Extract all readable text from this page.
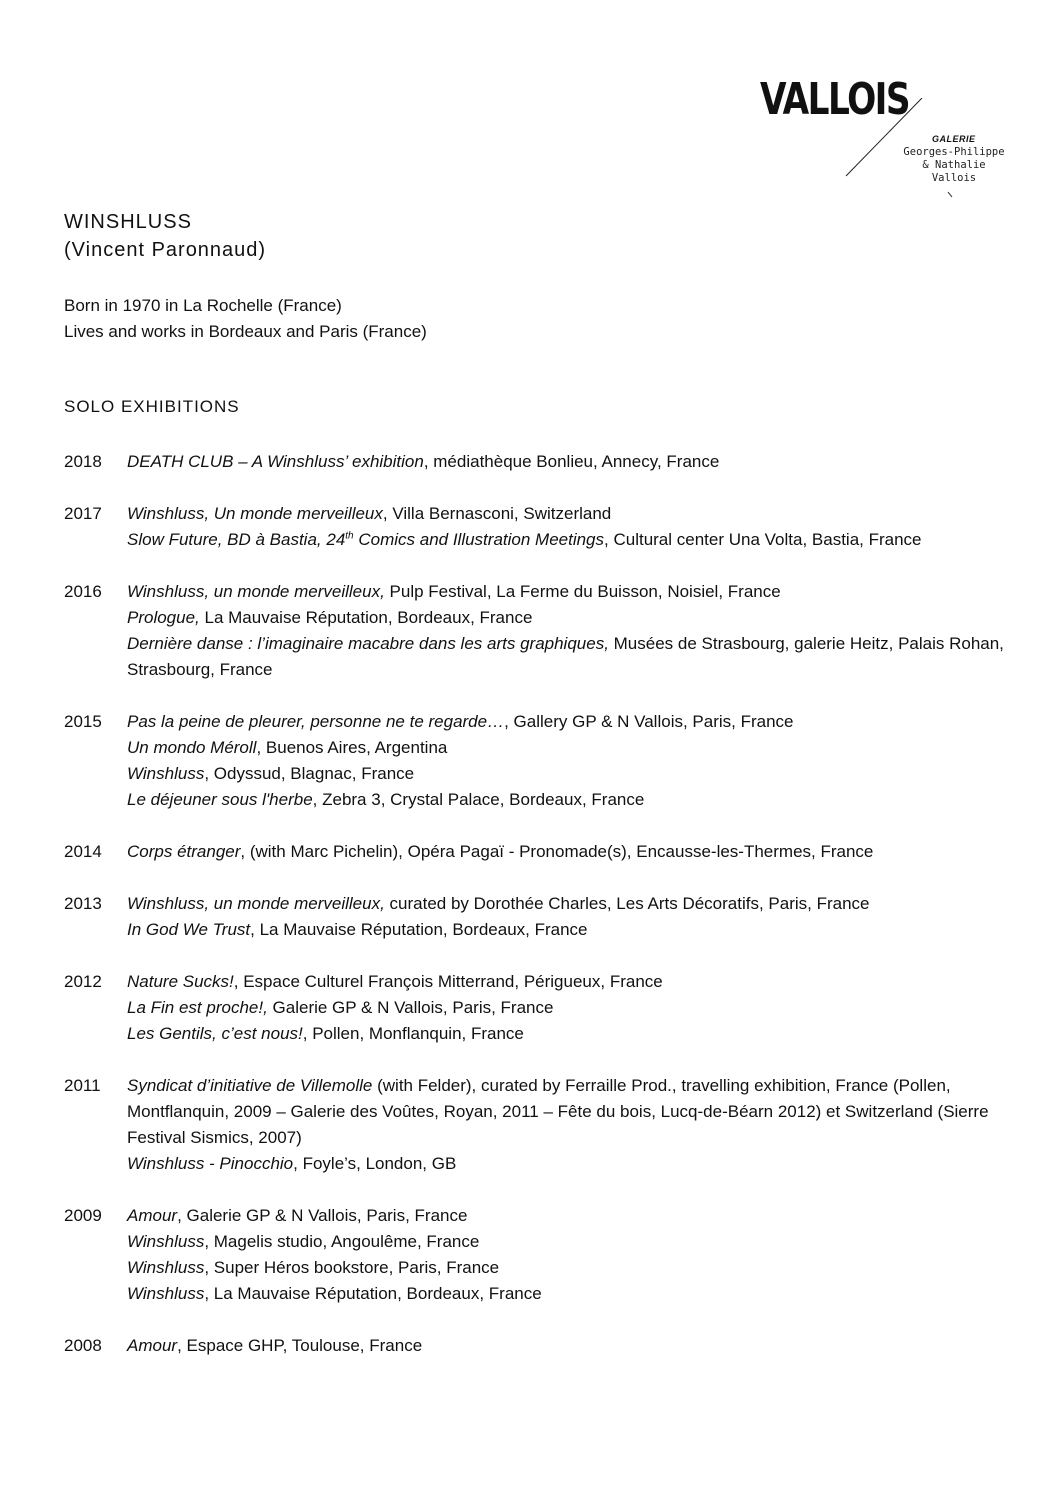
VALLOIS
GALERIE
Georges-Philippe
& Nathalie
Vallois
WINSHLUSS
(Vincent Paronnaud)
Born in 1970 in La Rochelle (France)
Lives and works in Bordeaux and Paris (France)
SOLO EXHIBITIONS
2018	DEATH CLUB – A Winshluss’ exhibition, médiathèque Bonlieu, Annecy, France
2017	Winshluss, Un monde merveilleux, Villa Bernasconi, Switzerland
Slow Future, BD à Bastia, 24th Comics and Illustration Meetings, Cultural center Una Volta, Bastia, France
2016	Winshluss, un monde merveilleux, Pulp Festival, La Ferme du Buisson, Noisiel, France
Prologue, La Mauvaise Réputation, Bordeaux, France
Dernière danse : l’imaginaire macabre dans les arts graphiques, Musées de Strasbourg, galerie Heitz, Palais Rohan, Strasbourg, France
2015	Pas la peine de pleurer, personne ne te regarde…, Gallery GP & N Vallois, Paris, France
Un mondo Méroll, Buenos Aires, Argentina
Winshluss, Odyssud, Blagnac, France
Le déjeuner sous l'herbe, Zebra 3, Crystal Palace, Bordeaux, France
2014	Corps étranger, (with Marc Pichelin), Opéra Pagaï - Pronomade(s), Encausse-les-Thermes, France
2013	Winshluss, un monde merveilleux, curated by Dorothée Charles, Les Arts Décoratifs, Paris, France
In God We Trust, La Mauvaise Réputation, Bordeaux, France
2012	Nature Sucks!, Espace Culturel François Mitterrand, Périgueux, France
La Fin est proche!, Galerie GP & N Vallois, Paris, France
Les Gentils, c’est nous!, Pollen, Monflanquin, France
2011	Syndicat d’initiative de Villemolle (with Felder), curated by Ferraille Prod., travelling exhibition, France (Pollen, Montflanquin, 2009 – Galerie des Voûtes, Royan, 2011 – Fête du bois, Lucq-de-Béarn 2012) et Switzerland (Sierre Festival Sismics, 2007)
Winshluss - Pinocchio, Foyle’s, London, GB
2009	Amour, Galerie GP & N Vallois, Paris, France
Winshluss, Magelis studio, Angoulême, France
Winshluss, Super Héros bookstore, Paris, France
Winshluss, La Mauvaise Réputation, Bordeaux, France
2008	Amour, Espace GHP, Toulouse, France
